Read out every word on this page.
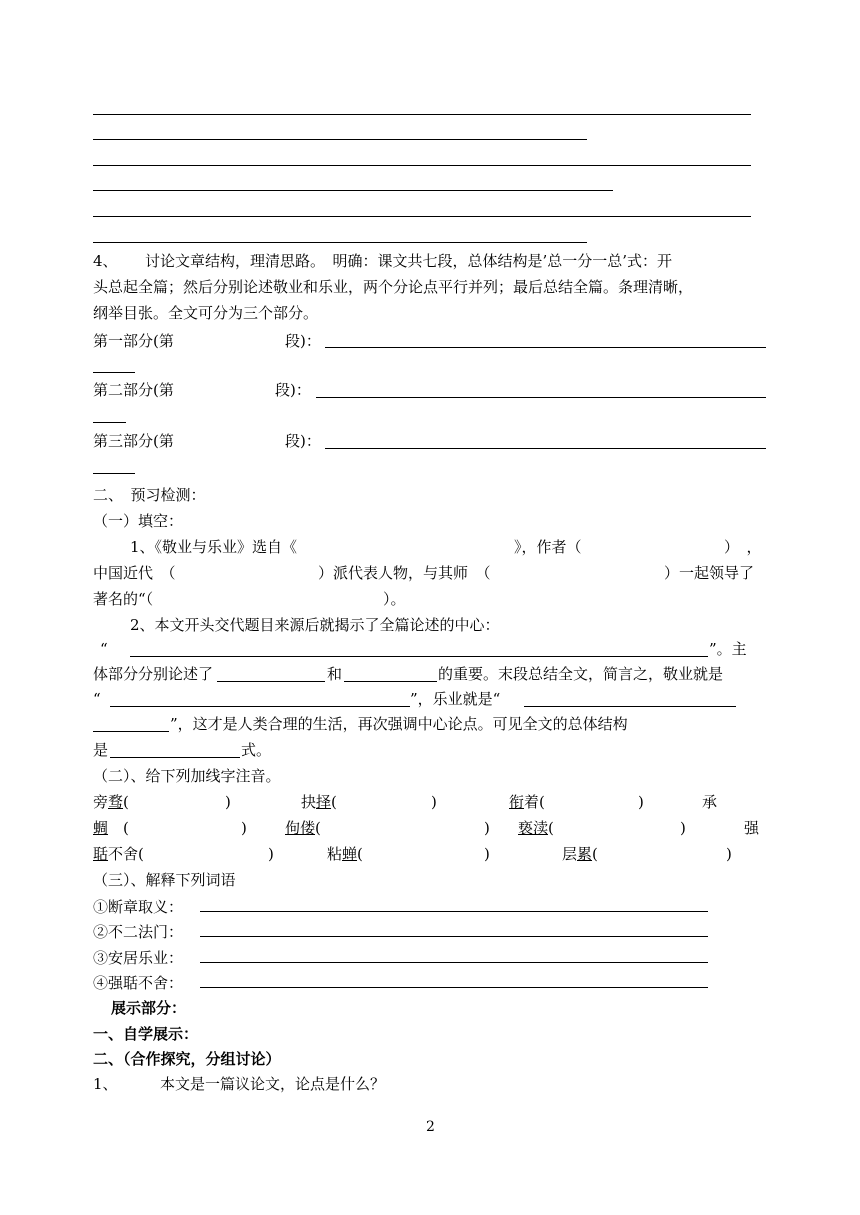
4、 讨论文章结构，理清思路。　明确：课文共七段，总体结构是’总一分一总’式：开
头总起全篇；然后分别论述敬业和乐业，两个分论点平行并列；最后总结全篇。条理清晰，
纲举目张。全文可分为三个部分。
第一部分(第	段)：
第二部分(第	段)：
第三部分(第	段)：
二、　预习检测：
（一）填空：
1、《敬业与乐业》选自《	》，作者（	）　，
中国近代　（	）派代表人物，与其师　（	）一起领导了
著名的“（	）。
2、本文开头交代题目来源后就揭示了全篇论述的中心：
“	”。主
体部分分别论述了	和	的重要。末段总结全文，简言之，敬业就是
“	”，乐业就是“
”，这才是人类合理的生活，再次强调中心论点。可见全文的总体结构
是	式。
（二）、给下列加线字注音。
旁骛(	)	抉择(	)	衔着(	)	承
蜩　(	)	佝偻(	) 亵渎(	)	强
聒不舍(	)	粘蝉(	)	层累(	)
（三）、解释下列词语
①断章取义：
②不二法门：
③安居乐业：
④强聒不舍：
展示部分：
一、自学展示：
二、（合作探究，分组讨论）
1、	本文是一篇议论文，论点是什么？
2
